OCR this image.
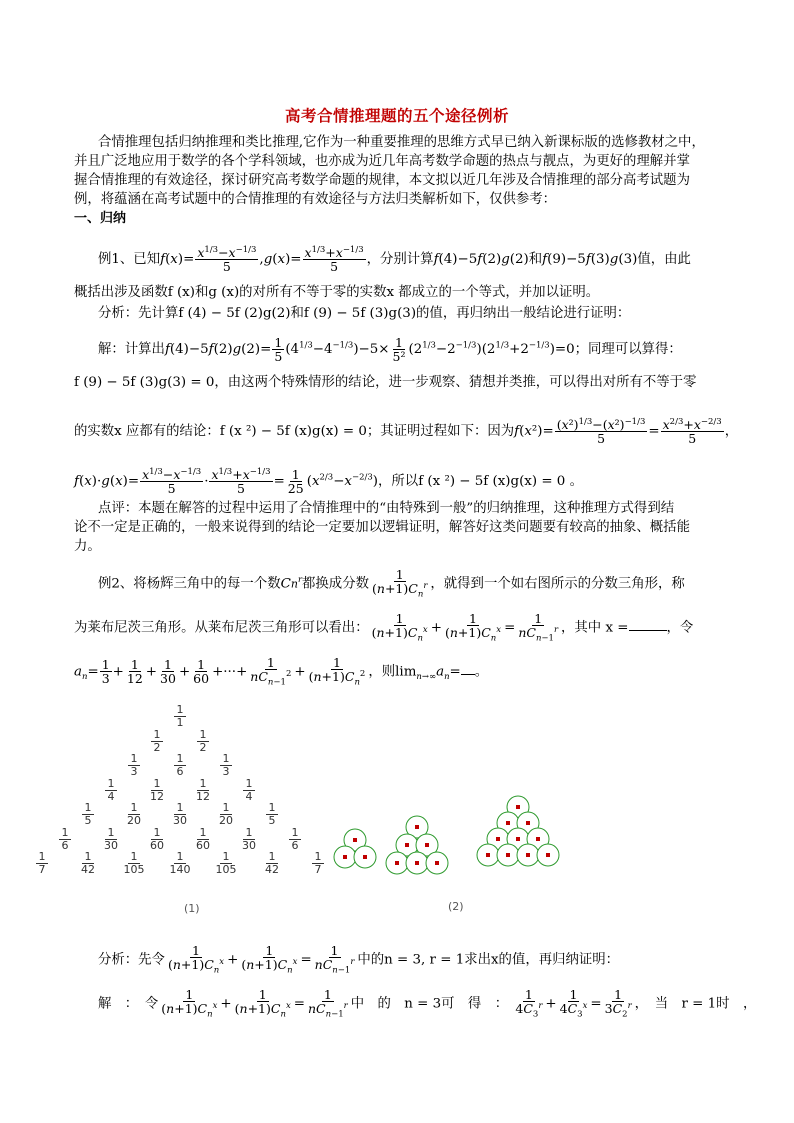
高考合情推理题的五个途径例析
合情推理包括归纳推理和类比推理,它作为一种重要推理的思维方式早已纳入新课标版的选修教材之中，
并且广泛地应用于数学的各个学科领域，也亦成为近几年高考数学命题的热点与靓点，为更好的理解并掌
握合情推理的有效途径，探讨研究高考数学命题的规律，本文拟以近几年涉及合情推理的部分高考试题为
例，将蕴涵在高考试题中的合情推理的有效途径与方法归类解析如下，仅供参考：
一、归纳
例1、已知$f(x)= \frac{x^{1/3}-x^{-1/3}}{5} ,g(x)= \frac{x^{1/3}+x^{-1/3}}{5}$ ，分别计算f(4)−5f(2)g(2)和f(9)−5f(3)g(3)值，由此
概括出涉及函数f (x)和g (x)的对所有不等于零的实数x 都成立的一个等式，并加以证明。
分析：先计算f (4) − 5f (2)g(2)和f (9) − 5f (3)g(3)的值，再归纳出一般结论进行证明：
解：计算出$f(4)-5f(2)g(2)= \frac{1}{5} (4^{1/3}-4^{-1/3})-5\times \frac{1}{\text{5²}} (2^{1/3}-2^{-1/3})(2^{1/3}+2^{-1/3})=0$；同理可以算得：
f (9) − 5f (3)g(3) = 0，由这两个特殊情形的结论，进一步观察、猜想并类推，可以得出对所有不等于零
的实数x 应都有的结论：f (x ²) − 5f (x)g(x) = 0；其证明过程如下：因为$f(x^2)= \frac{(x^2)^{1/3}-(x^2)^{-1/3}}{5} = \frac{x^{2/3}+x^{-2/3}}{5}$ ，
$f(x)\cdot g(x)= \frac{x^{1/3}-x^{-1/3}}{5} \cdot \frac{x^{1/3}+x^{-1/3}}{5} = \frac{1}{25} (x^{2/3}-x^{-2/3})$，所以f (x ²) − 5f (x)g(x) = 0 。
点评：本题在解答的过程中运用了合情推理中的“由特殊到一般”的归纳推理，这种推理方式得到结
论不一定是正确的，一般来说得到的结论一定要加以逻辑证明，解答好这类问题要有较高的抽象、概括能
力。
例2、将杨辉三角中的每一个数Cn$^r$都换成分数 $\frac{1}{(n+1)C_n^r}$ ，就得到一个如右图所示的分数三角形，称
为莱布尼茨三角形。从莱布尼茨三角形可以看出： $\frac{1}{(n+1)C_n^x} + \frac{1}{(n+1)C_n^x} = \frac{1}{nC_{n-1}^r}$ ，其中 x =	，令
$a_n= \frac{1}{3} + \frac{1}{12} + \frac{1}{30} + \frac{1}{60}$ +···+ $\frac{1}{nC_{n-1}^2} + \frac{1}{(n+1)C_n^2}$ ，则$\lim_{n\to\infty}a_n=$ 。
1
1
1
2
1
2
1
3
1
6
1
3
1
4
1
12
1
12
1
4
1
5
1
20
1
30
1
20
1
5
1
6
1
30
1
60
1
60
1
30
1
6
1
7
1
42
1
105
1
140
1
105
1
42
1
7
(1)	(2)
分析：先令 $\frac{1}{(n+1)C_n^x} + \frac{1}{(n+1)C_n^x} = \frac{1}{nC_{n-1}^r}$ 中的n = 3, r = 1求出x的值，再归纳证明：
解　：　令 $\frac{1}{(n+1)C_n^x} + \frac{1}{(n+1)C_n^x} = \frac{1}{nC_{n-1}^r}$ 中　的　n = 3可　得　： $\frac{1}{4C_3^r} + \frac{1}{4C_3^x} = \frac{1}{3C_2^r}$ ，　当　r = 1时　，
